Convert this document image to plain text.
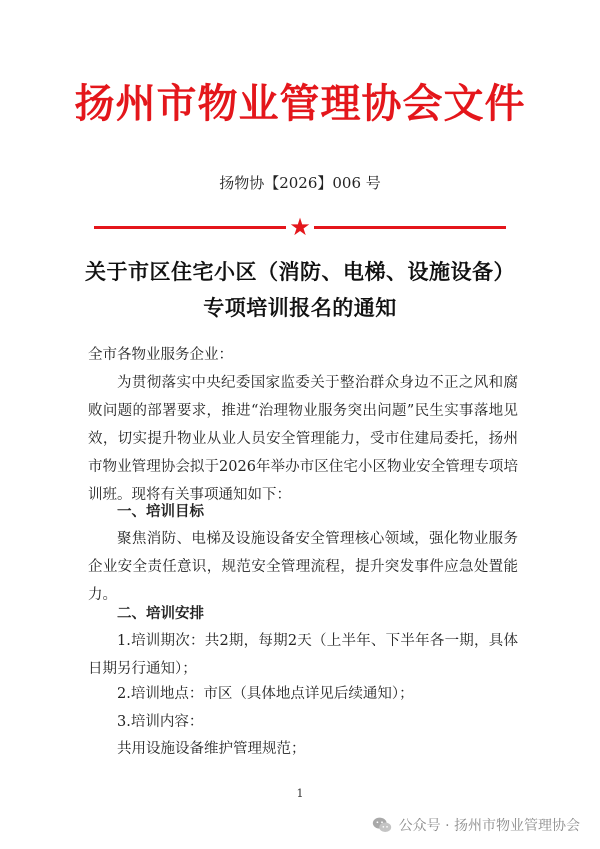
扬州市物业管理协会文件
扬物协【2026】006 号
★
关于市区住宅小区（消防、电梯、设施设备）
专项培训报名的通知
全市各物业服务企业：
为贯彻落实中央纪委国家监委关于整治群众身边不正之风和腐败问题的部署要求，推进“治理物业服务突出问题”民生实事落地见效，切实提升物业从业人员安全管理能力，受市住建局委托，扬州市物业管理协会拟于2026年举办市区住宅小区物业安全管理专项培训班。现将有关事项通知如下：
一、培训目标
聚焦消防、电梯及设施设备安全管理核心领域，强化物业服务企业安全责任意识，规范安全管理流程，提升突发事件应急处置能力。
二、培训安排
1.培训期次：共2期，每期2天（上半年、下半年各一期，具体日期另行通知）；
2.培训地点：市区（具体地点详见后续通知）；
3.培训内容：
共用设施设备维护管理规范；
1
公众号 · 扬州市物业管理协会
